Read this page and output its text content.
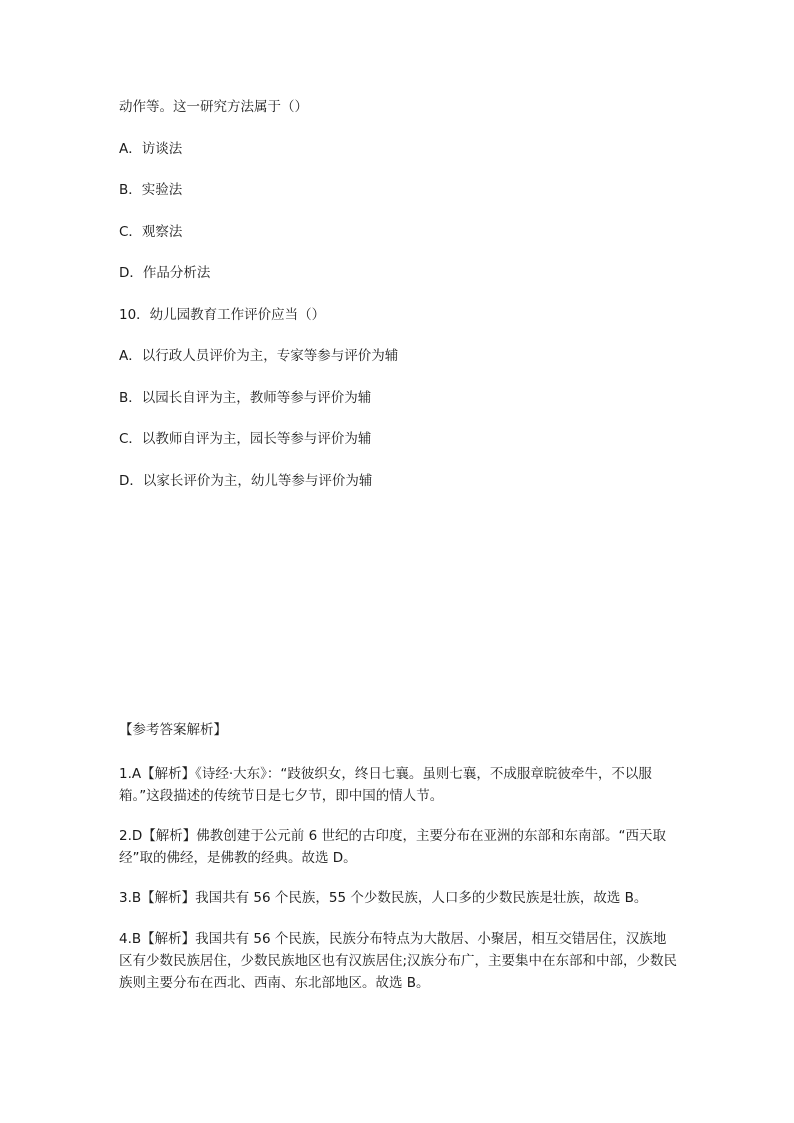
动作等。这一研究方法属于（）
A．访谈法
B．实验法
C．观察法
D．作品分析法
10．幼儿园教育工作评价应当（）
A．以行政人员评价为主，专家等参与评价为辅
B．以园长自评为主，教师等参与评价为辅
C．以教师自评为主，园长等参与评价为辅
D．以家长评价为主，幼儿等参与评价为辅
【参考答案解析】

1.A【解析】《诗经·大东》：“跂彼织女，终日七襄。虽则七襄，不成服章睆彼牵牛，不以服箱。”这段描述的传统节日是七夕节，即中国的情人节。

2.D【解析】佛教创建于公元前 6 世纪的古印度，主要分布在亚洲的东部和东南部。“西天取经”取的佛经，是佛教的经典。故选 D。

3.B【解析】我国共有 56 个民族，55 个少数民族，人口多的少数民族是壮族，故选 B。

4.B【解析】我国共有 56 个民族，民族分布特点为大散居、小聚居，相互交错居住，汉族地区有少数民族居住，少数民族地区也有汉族居住;汉族分布广，主要集中在东部和中部，少数民族则主要分布在西北、西南、东北部地区。故选 B。
